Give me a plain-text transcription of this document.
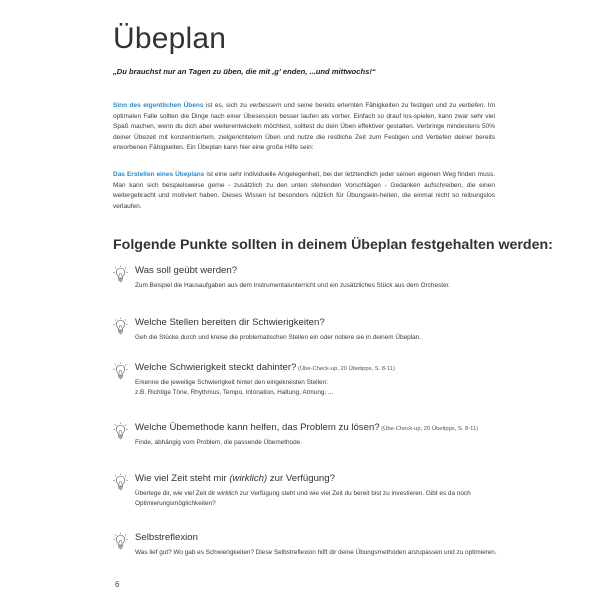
Übeplan
„Du brauchst nur an Tagen zu üben, die mit ‚g' enden, ...und mittwochs!“

Sinn des eigentlichen Übens ist es, sich zu verbessern und seine bereits erlernten Fähigkeiten zu festigen und zu vertiefen. Im optimalen Falle sollten die Dinge nach einer Übesession besser laufen als vorher. Einfach so drauf los-spielen, kann zwar sehr viel Spaß machen, wenn du dich aber weiterentwickeln möchtest, solltest du dein Üben effektiver gestalten. Verbringe mindestens 50% deiner Übezeit mit konzentriertem, zielgerichtetem Üben und nutze die restliche Zeit zum Festigen und Vertiefen deiner bereits erworbenen Fähigkeiten. Ein Übeplan kann hier eine große Hilfe sein:

Das Erstellen eines Übeplans ist eine sehr individuelle Angelegenheit, bei der letztendlich jeder seinen eigenen Weg finden muss. Man kann sich beispielsweise gerne - zusätzlich zu den unten stehenden Vorschlägen - Gedanken aufschreiben, die einen weitergebracht und motiviert haben. Dieses Wissen ist besonders nützlich für Übungsein-heiten, die einmal nicht so reibungslos verlaufen.

Folgende Punkte sollten in deinem Übeplan festgehalten werden:
Was soll geübt werden?
Zum Beispiel die Hausaufgaben aus dem Instrumentalunterricht und ein zusätzliches Stück aus dem Orchester.
Welche Stellen bereiten dir Schwierigkeiten?
Geh die Stücke durch und kreise die problematischen Stellen ein oder notiere sie in deinem Übeplan.
Welche Schwierigkeit steckt dahinter? (Übe-Check-up, 20 Übetipps, S. 8-11)
Erkenne die jeweilige Schwierigkeit hinter den eingekreisten Stellen:
z.B. Richtige Töne, Rhythmus, Tempo, Intonation, Haltung, Atmung, ...
Welche Übemethode kann helfen, das Problem zu lösen? (Übe-Check-up, 20 Übetipps, S. 8-11)
Finde, abhängig vom Problem, die passende Übemethode.
Wie viel Zeit steht mir (wirklich) zur Verfügung?
Überlege dir, wie viel Zeit dir wirklich zur Verfügung steht und wie viel Zeit du bereit bist zu investieren. Gibt es da noch Optimierungsmöglichkeiten?
Selbstreflexion
Was lief gut? Wo gab es Schwierigkeiten? Diese Selbstreflexion hilft dir deine Übungsmethoden anzupassen und zu optimieren.
6
